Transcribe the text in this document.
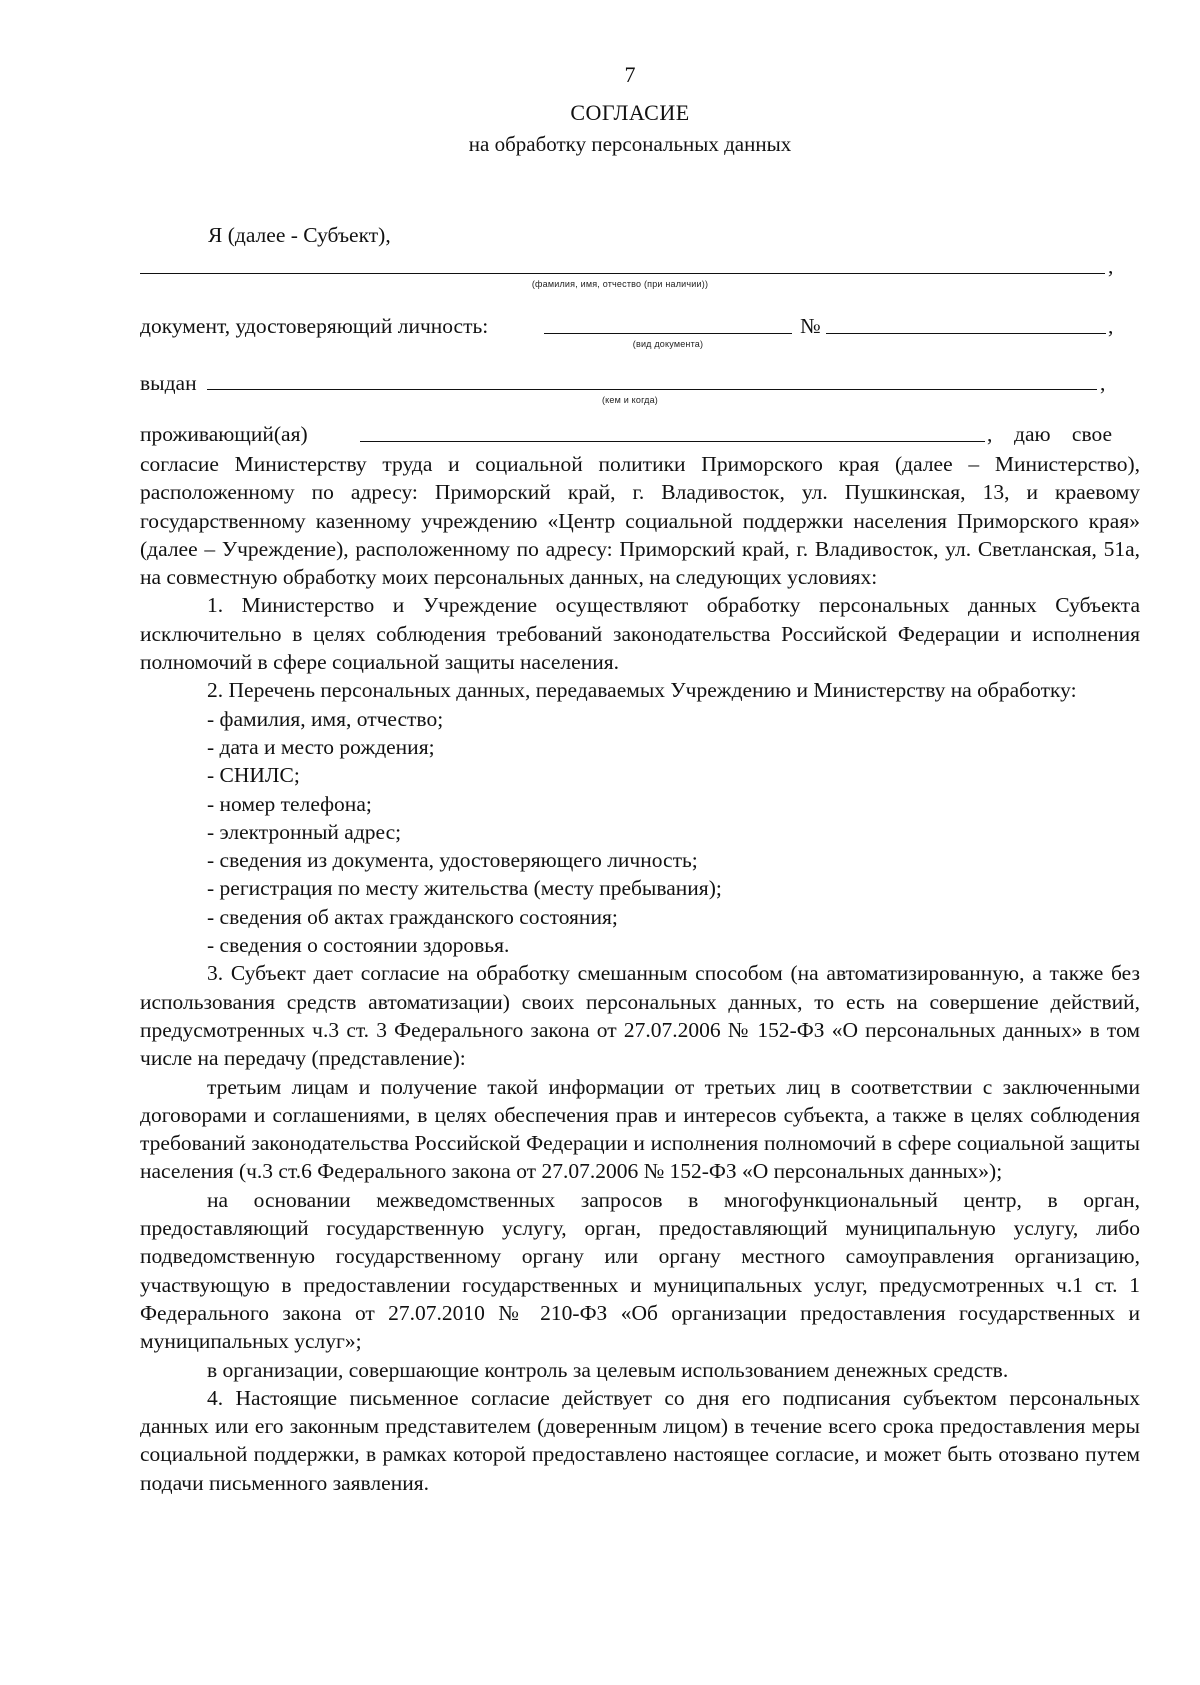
7
СОГЛАСИЕ
на обработку персональных данных
Я (далее - Субъект),
,
(фамилия, имя, отчество (при наличии))
документ, удостоверяющий личность:
(вид документа)
№	,
выдан	,
(кем и когда)
проживающий(ая)	, даю свое

согласие Министерству труда и социальной политики Приморского края (далее – Министерство), расположенному по адресу: Приморский край, г. Владивосток, ул. Пушкинская, 13, и краевому государственному казенному учреждению «Центр социальной поддержки населения Приморского края» (далее – Учреждение), расположенному по адресу: Приморский край, г. Владивосток, ул. Светланская, 51а, на совместную обработку моих персональных данных, на следующих условиях:

1. Министерство и Учреждение осуществляют обработку персональных данных Субъекта исключительно в целях соблюдения требований законодательства Российской Федерации и исполнения полномочий в сфере социальной защиты населения.

2. Перечень персональных данных, передаваемых Учреждению и Министерству на обработку:

- фамилия, имя, отчество;

- дата и место рождения;

- СНИЛС;

- номер телефона;

- электронный адрес;

- сведения из документа, удостоверяющего личность;

- регистрация по месту жительства (месту пребывания);

- сведения об актах гражданского состояния;

- сведения о состоянии здоровья.

3. Субъект дает согласие на обработку смешанным способом (на автоматизированную, а также без использования средств автоматизации) своих персональных данных, то есть на совершение действий, предусмотренных ч.3 ст. 3 Федерального закона от 27.07.2006 № 152-ФЗ «О персональных данных» в том числе на передачу (представление):

третьим лицам и получение такой информации от третьих лиц в соответствии с заключенными договорами и соглашениями, в целях обеспечения прав и интересов субъекта, а также в целях соблюдения требований законодательства Российской Федерации и исполнения полномочий в сфере социальной защиты населения (ч.3 ст.6 Федерального закона от 27.07.2006 № 152-ФЗ «О персональных данных»);

на основании межведомственных запросов в многофункциональный центр, в орган, предоставляющий государственную услугу, орган, предоставляющий муниципальную услугу, либо подведомственную государственному органу или органу местного самоуправления организацию, участвующую в предоставлении государственных и муниципальных услуг, предусмотренных ч.1 ст. 1 Федерального закона от 27.07.2010 № 210-ФЗ «Об организации предоставления государственных и муниципальных услуг»;

в организации, совершающие контроль за целевым использованием денежных средств.

4. Настоящие письменное согласие действует со дня его подписания субъектом персональных данных или его законным представителем (доверенным лицом) в течение всего срока предоставления меры социальной поддержки, в рамках которой предоставлено настоящее согласие, и может быть отозвано путем подачи письменного заявления.
